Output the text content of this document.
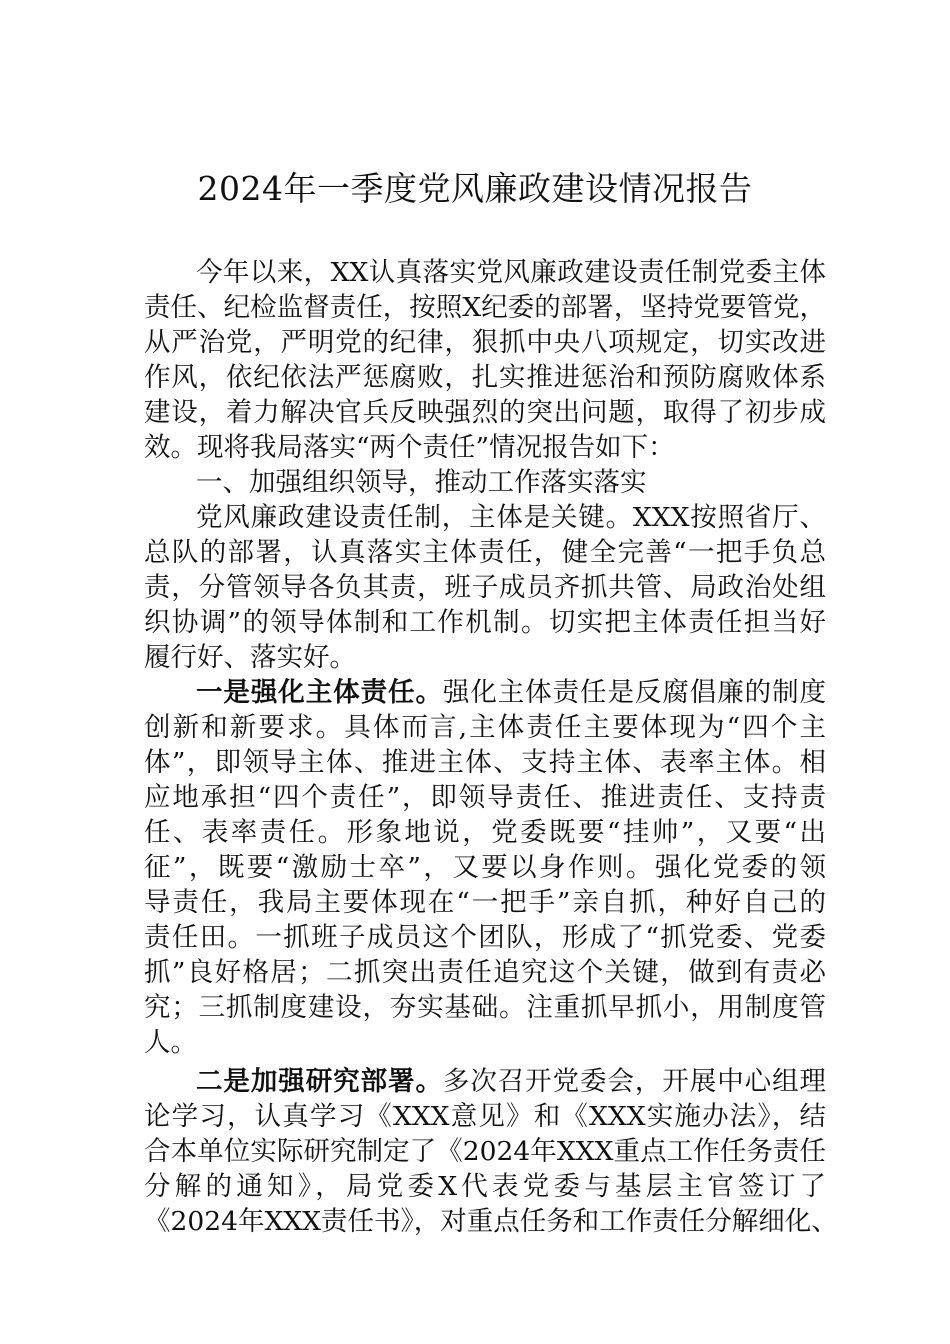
2024年一季度党风廉政建设情况报告
今年以来，XX认真落实党风廉政建设责任制党委主体
责任、纪检监督责任，按照X纪委的部署，坚持党要管党，
从严治党，严明党的纪律，狠抓中央八项规定，切实改进
作风，依纪依法严惩腐败，扎实推进惩治和预防腐败体系
建设，着力解决官兵反映强烈的突出问题，取得了初步成
效。现将我局落实“两个责任”情况报告如下：
一、加强组织领导，推动工作落实落实
党风廉政建设责任制，主体是关键。XXX按照省厅、
总队的部署，认真落实主体责任，健全完善“一把手负总
责，分管领导各负其责，班子成员齐抓共管、局政治处组
织协调”的领导体制和工作机制。切实把主体责任担当好
履行好、落实好。
一是强化主体责任。强化主体责任是反腐倡廉的制度
创新和新要求。具体而言,主体责任主要体现为“四个主
体”，即领导主体、推进主体、支持主体、表率主体。相
应地承担“四个责任”，即领导责任、推进责任、支持责
任、表率责任。形象地说，党委既要“挂帅”，又要“出
征”，既要“激励士卒”，又要以身作则。强化党委的领
导责任，我局主要体现在“一把手”亲自抓，种好自己的
责任田。一抓班子成员这个团队，形成了“抓党委、党委
抓”良好格居；二抓突出责任追究这个关键，做到有责必
究；三抓制度建设，夯实基础。注重抓早抓小，用制度管
人。
二是加强研究部署。多次召开党委会，开展中心组理
论学习，认真学习《XXX意见》和《XXX实施办法》，结
合本单位实际研究制定了《2024年XXX重点工作任务责任
分解的通知》，局党委X代表党委与基层主官签订了
《2024年XXX责任书》，对重点任务和工作责任分解细化、
